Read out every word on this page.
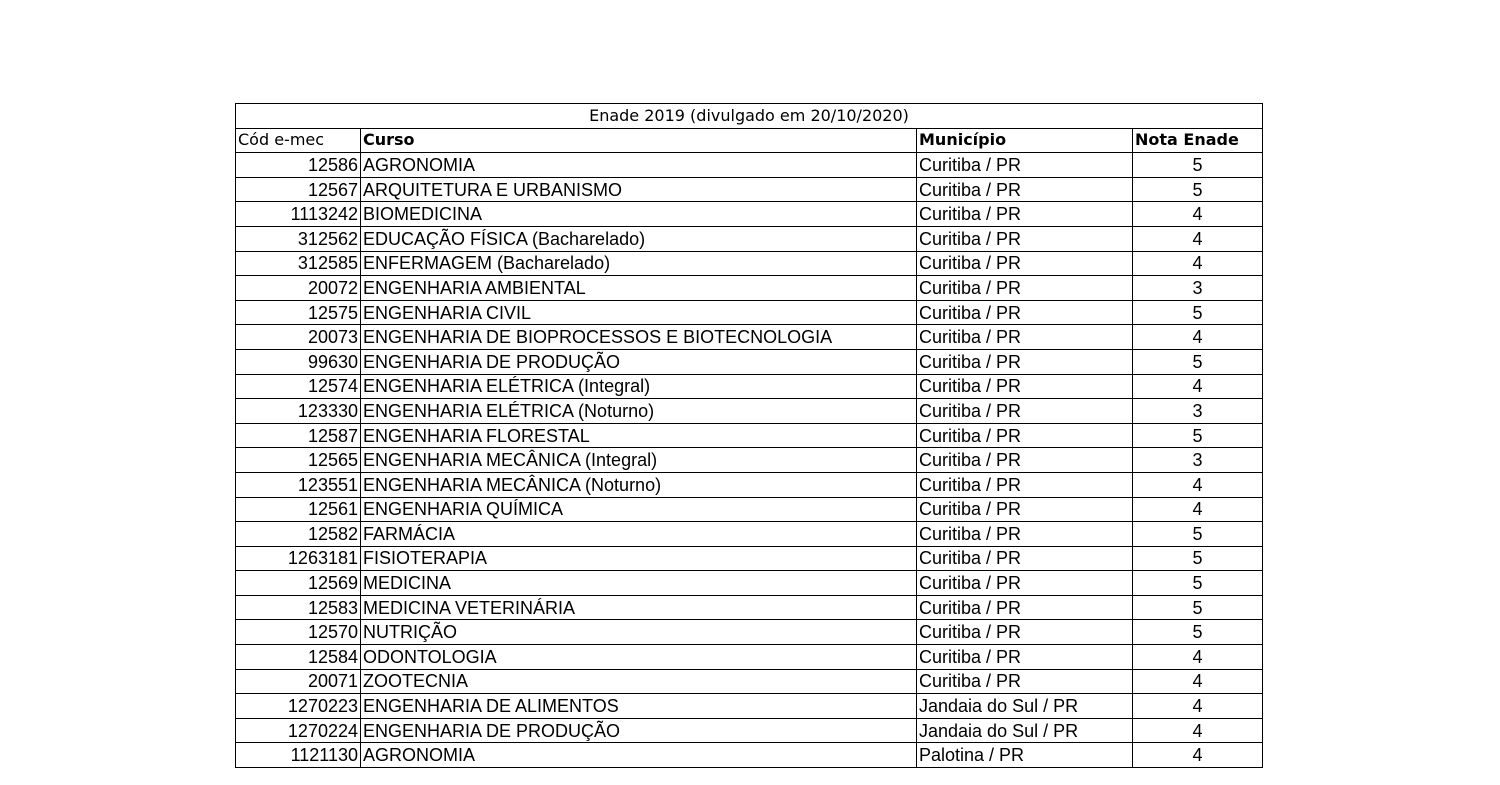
Enade 2019 (divulgado em 20/10/2020)			
Cód e-mec	Curso	Município	Nota Enade
12586	AGRONOMIA	Curitiba / PR	5
12567	ARQUITETURA E URBANISMO	Curitiba / PR	5
1113242	BIOMEDICINA	Curitiba / PR	4
312562	EDUCAÇÃO FÍSICA (Bacharelado)	Curitiba / PR	4
312585	ENFERMAGEM (Bacharelado)	Curitiba / PR	4
20072	ENGENHARIA AMBIENTAL	Curitiba / PR	3
12575	ENGENHARIA CIVIL	Curitiba / PR	5
20073	ENGENHARIA DE BIOPROCESSOS E BIOTECNOLOGIA	Curitiba / PR	4
99630	ENGENHARIA DE PRODUÇÃO	Curitiba / PR	5
12574	ENGENHARIA ELÉTRICA (Integral)	Curitiba / PR	4
123330	ENGENHARIA ELÉTRICA (Noturno)	Curitiba / PR	3
12587	ENGENHARIA FLORESTAL	Curitiba / PR	5
12565	ENGENHARIA MECÂNICA (Integral)	Curitiba / PR	3
123551	ENGENHARIA MECÂNICA (Noturno)	Curitiba / PR	4
12561	ENGENHARIA QUÍMICA	Curitiba / PR	4
12582	FARMÁCIA	Curitiba / PR	5
1263181	FISIOTERAPIA	Curitiba / PR	5
12569	MEDICINA	Curitiba / PR	5
12583	MEDICINA VETERINÁRIA	Curitiba / PR	5
12570	NUTRIÇÃO	Curitiba / PR	5
12584	ODONTOLOGIA	Curitiba / PR	4
20071	ZOOTECNIA	Curitiba / PR	4
1270223	ENGENHARIA DE ALIMENTOS	Jandaia do Sul / PR	4
1270224	ENGENHARIA DE PRODUÇÃO	Jandaia do Sul / PR	4
1121130	AGRONOMIA	Palotina / PR	4
